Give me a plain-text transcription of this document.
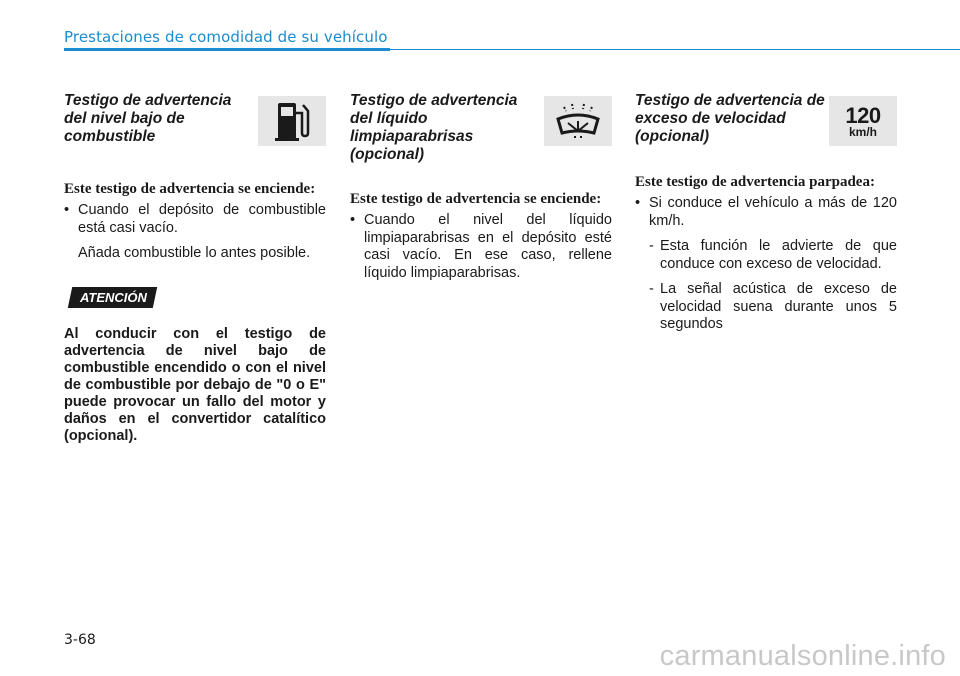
Prestaciones de comodidad de su vehículo
Testigo de advertencia del nivel bajo de combustible

Este testigo de advertencia se enciende:

• Cuando el depósito de combustible está casi vacío.

Añada combustible lo antes posible.

ATENCIÓN

Al conducir con el testigo de advertencia de nivel bajo de combustible encendido o con el nivel de combustible por debajo de "0 o E" puede provocar un fallo del motor y daños en el convertidor catalítico (opcional).

Testigo de advertencia del líquido limpiaparabrisas (opcional)

Este testigo de advertencia se enciende:

• Cuando el nivel del líquido limpiaparabrisas en el depósito esté casi vacío. En ese caso, rellene líquido limpiaparabrisas.

Testigo de advertencia de exceso de velocidad (opcional)
120
km/h

Este testigo de advertencia parpadea:

• Si conduce el vehículo a más de 120 km/h.

- Esta función le advierte de que conduce con exceso de velocidad.

- La señal acústica de exceso de velocidad suena durante unos 5 segundos

3-68	carmanualsonline.info
